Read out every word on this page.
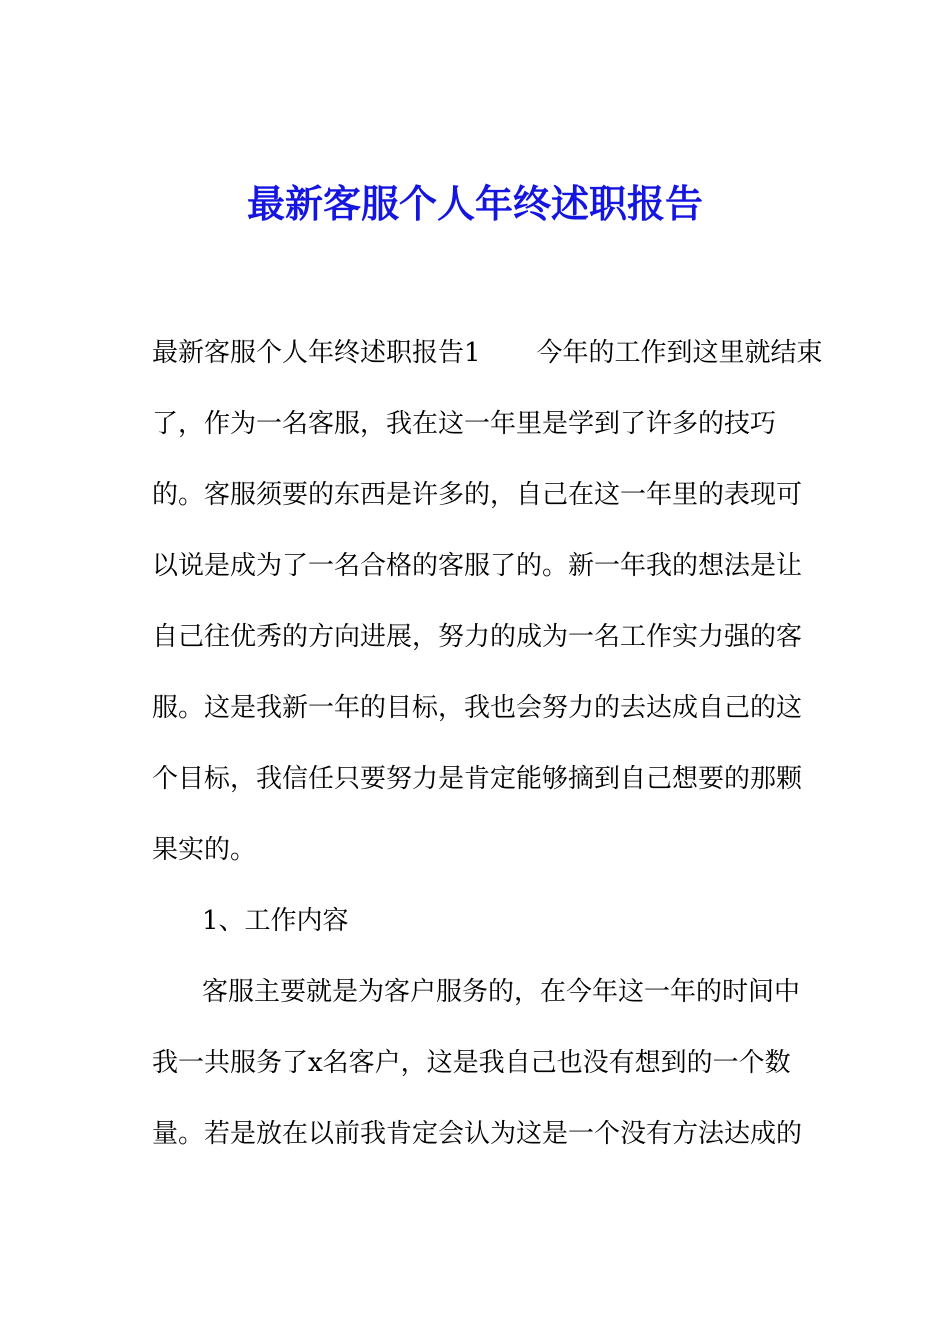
最新客服个人年终述职报告
最新客服个人年终述职报告1 今年的工作到这里就结束
了，作为一名客服，我在这一年里是学到了许多的技巧
的。客服须要的东西是许多的，自己在这一年里的表现可
以说是成为了一名合格的客服了的。新一年我的想法是让
自己往优秀的方向进展，努力的成为一名工作实力强的客
服。这是我新一年的目标，我也会努力的去达成自己的这
个目标，我信任只要努力是肯定能够摘到自己想要的那颗
果实的。
1、工作内容
客服主要就是为客户服务的，在今年这一年的时间中
我一共服务了x名客户，这是我自己也没有想到的一个数
量。若是放在以前我肯定会认为这是一个没有方法达成的
